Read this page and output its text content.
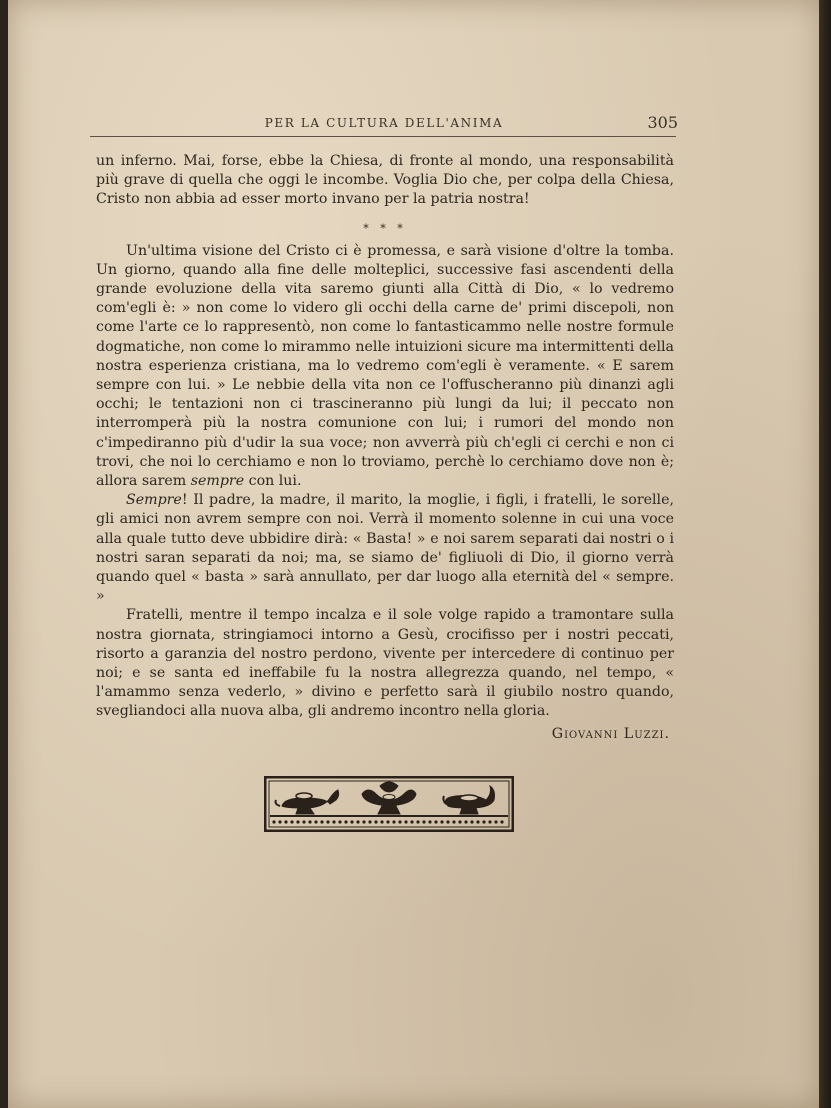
PER LA CULTURA DELL'ANIMA	305

un inferno. Mai, forse, ebbe la Chiesa, di fronte al mondo, una responsabilità più grave di quella che oggi le incombe. Voglia Dio che, per colpa della Chiesa, Cristo non abbia ad esser morto invano per la patria nostra!

* * *

Un'ultima visione del Cristo ci è promessa, e sarà visione d'oltre la tomba. Un giorno, quando alla fine delle molteplici, successive fasi ascendenti della grande evoluzione della vita saremo giunti alla Città di Dio, « lo vedremo com'egli è: » non come lo videro gli occhi della carne de' primi discepoli, non come l'arte ce lo rappresentò, non come lo fantasticammo nelle nostre formule dogmatiche, non come lo mirammo nelle intuizioni sicure ma intermittenti della nostra esperienza cristiana, ma lo vedremo com'egli è veramente. « E sarem sempre con lui. » Le nebbie della vita non ce l'offuscheranno più dinanzi agli occhi; le tentazioni non ci trascineranno più lungi da lui; il peccato non interromperà più la nostra comunione con lui; i rumori del mondo non c'impediranno più d'udir la sua voce; non avverrà più ch'egli ci cerchi e non ci trovi, che noi lo cerchiamo e non lo troviamo, perchè lo cerchiamo dove non è; allora sarem sempre con lui.

Sempre! Il padre, la madre, il marito, la moglie, i figli, i fratelli, le sorelle, gli amici non avrem sempre con noi. Verrà il momento solenne in cui una voce alla quale tutto deve ubbidire dirà: « Basta! » e noi sarem separati dai nostri o i nostri saran separati da noi; ma, se siamo de' figliuoli di Dio, il giorno verrà quando quel « basta » sarà annullato, per dar luogo alla eternità del « sempre. »

Fratelli, mentre il tempo incalza e il sole volge rapido a tramontare sulla nostra giornata, stringiamoci intorno a Gesù, crocifisso per i nostri peccati, risorto a garanzia del nostro perdono, vivente per intercedere di continuo per noi; e se santa ed ineffabile fu la nostra allegrezza quando, nel tempo, « l'amammo senza vederlo, » divino e perfetto sarà il giubilo nostro quando, svegliandoci alla nuova alba, gli andremo incontro nella gloria.

Giovanni Luzzi.
